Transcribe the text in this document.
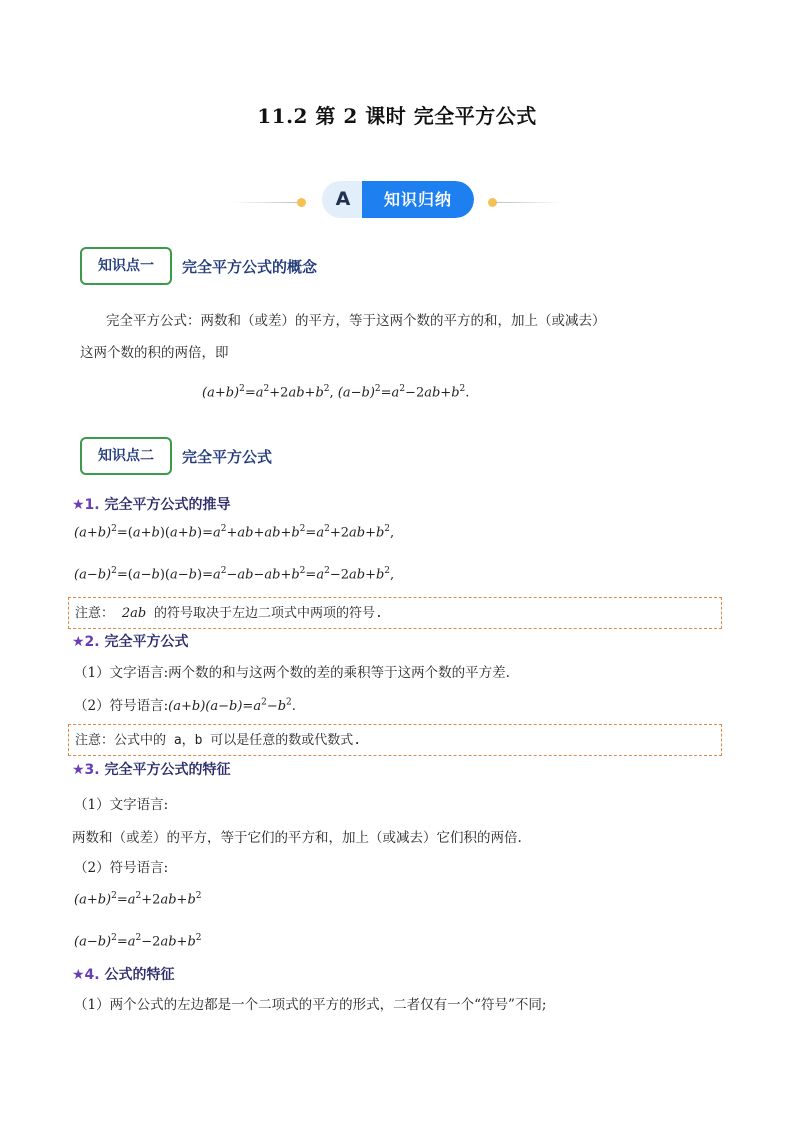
11.2 第 2 课时 完全平方公式
A	知识归纳
知识点一	完全平方公式的概念
完全平方公式：两数和（或差）的平方，等于这两个数的平方的和，加上（或减去）
这两个数的积的两倍，即
$(a+b)^2=a^2+2ab+b^2$, $(a-b)^2=a^2-2ab+b^2$.
知识点二	完全平方公式
★1. 完全平方公式的推导
$(a+b)^2=(a+b)(a+b)=a^2+ab+ab+b^2=a^2+2ab+b^2$,
$(a-b)^2=(a-b)(a-b)=a^2-ab-ab+b^2=a^2-2ab+b^2$,
注意： 2ab 的符号取决于左边二项式中两项的符号.
★2. 完全平方公式
（1）文字语言:两个数的和与这两个数的差的乘积等于这两个数的平方差.
（2）符号语言$:(a+b)(a-b)=a^2-b^2$.
注意：公式中的 a，b 可以是任意的数或代数式.
★3. 完全平方公式的特征
（1）文字语言:
两数和（或差）的平方，等于它们的平方和，加上（或减去）它们积的两倍.
（2）符号语言:
$(a+b)^2=a^2+2ab+b^2$
$(a-b)^2=a^2-2ab+b^2$
★4. 公式的特征
（1）两个公式的左边都是一个二项式的平方的形式，二者仅有一个“符号”不同;
